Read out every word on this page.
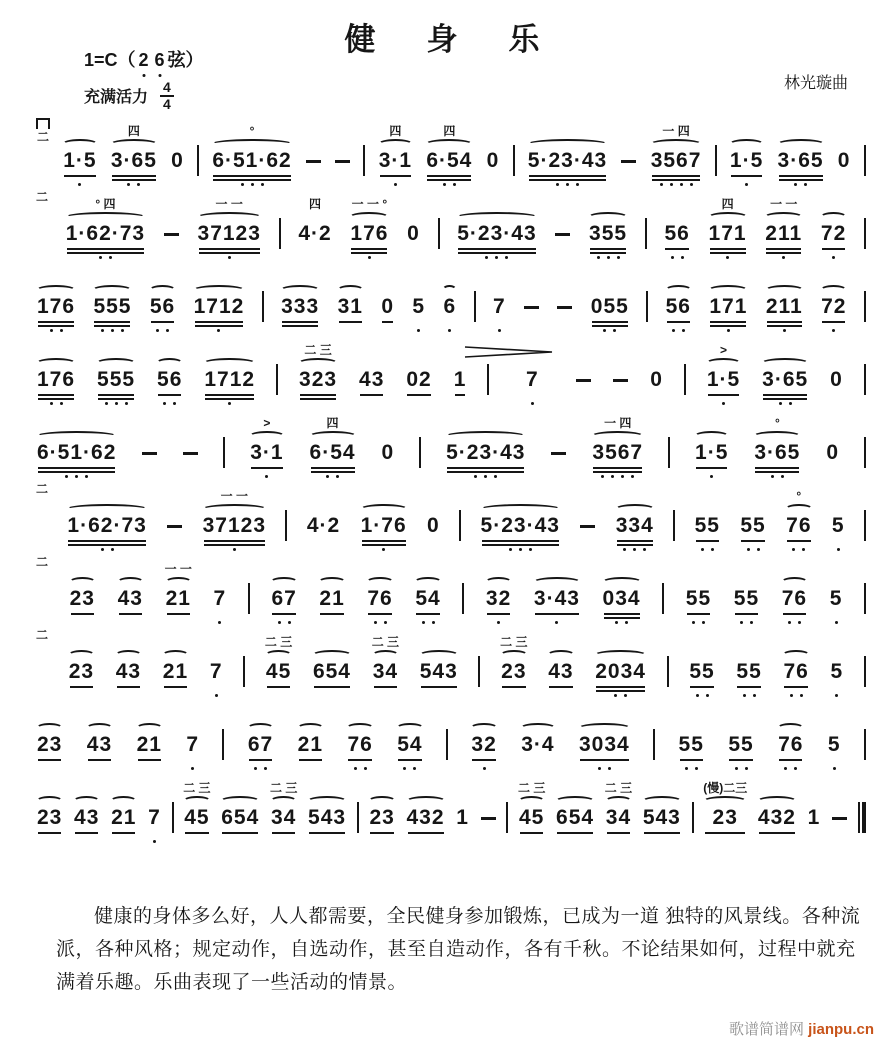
健　身　乐
1=C（ 2 6 弦）
充满活力 $\frac{4}{4}$	林光璇曲
二
1·5
四
3·65 0
°
6·51·62
四
3·1
四
6·54 0 5·23·43
一 四
3567 1·5 3·65 0
二	° 四
1·62·73
一 一
37123
四
4·2
一 一 °
176 0 5·23·43 355 56
四
171
一 一
211 72
176 555 56 1712 333 31 0 5 6 7	055 56 171 211 72
176 555 56 1712
二 三
323 43 02 1	7	0
>
1·5 3·65 0
6·51·62
>
3·1
四
6·54 0 5·23·43
一 四
3567 1·5
°
3·65 0
二
1·62·73
一 一
37123 4·2 1·76 0 5·23·43	334 55 55
°
76 5
二
23 43
一 一
21 7 67 21 76 54 32 3·43 034 55 55 76 5
二
23 43 21 7
二 三
45 654
二 三
34 543
二 三
23 43 2034 55 55 76 5
23 43 21 7 67 21 76 54 32 3·4 3034 55 55 76 5
23 43 21 7
二 三
45 654
二 三
34 543 23 432 1
二 三
45 654
二 三
34 543
(慢)二三
23 432 1
健康的身体多么好，人人都需要，全民健身参加锻炼，已成为一道 独特的风景线。各种流派，各种风格；规定动作，自选动作，甚至自造动作，各有千秋。不论结果如何，过程中就充满着乐趣。乐曲表现了一些活动的情景。
歌谱简谱网 jianpu.cn
